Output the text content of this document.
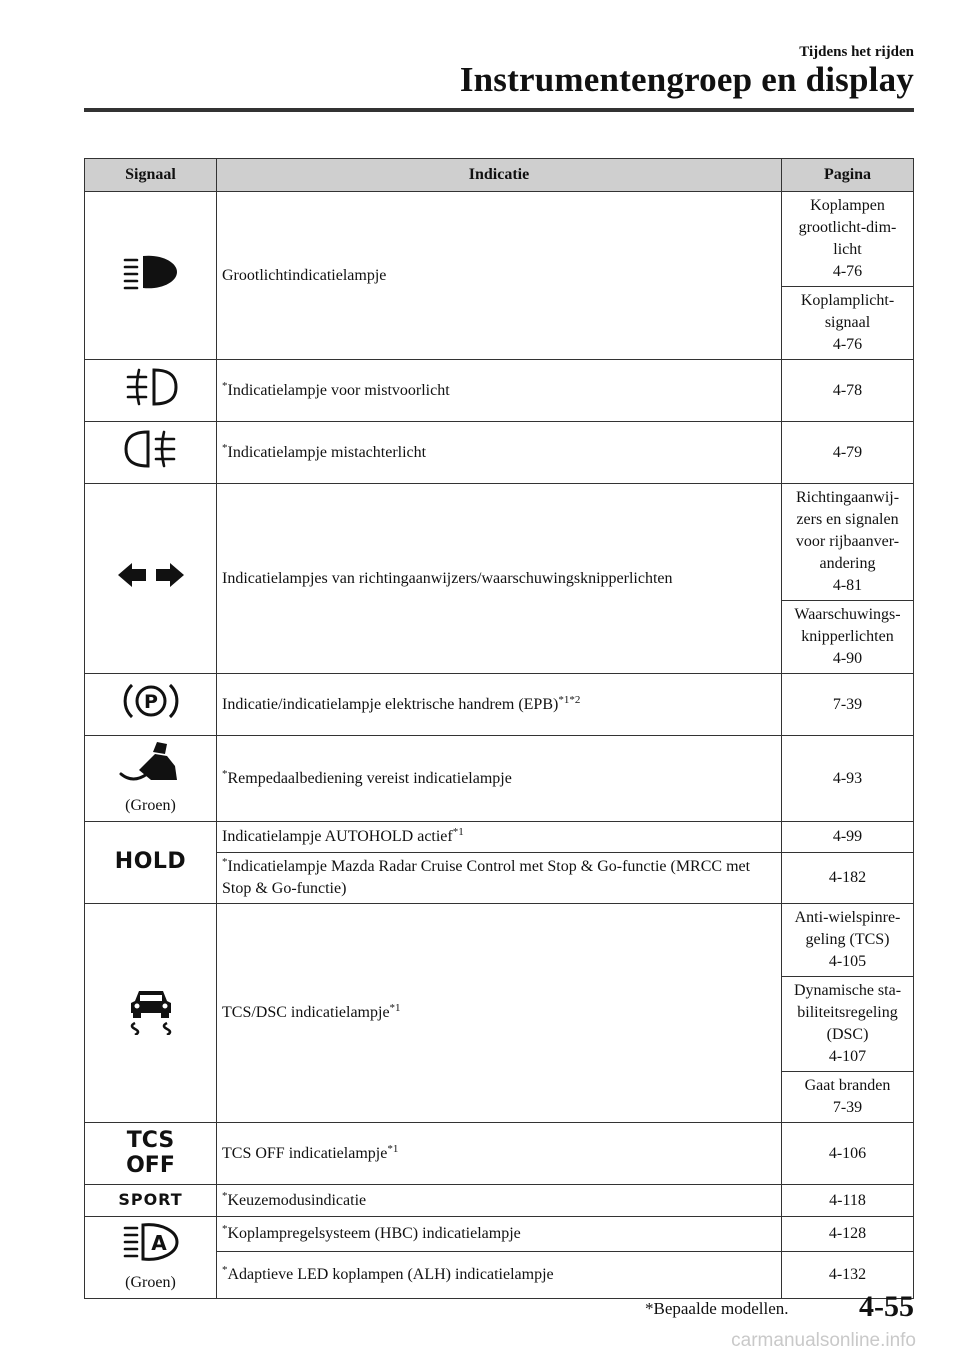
Tijdens het rijden
Instrumentengroep en display
Signaal	Indicatie	Pagina

	Grootlichtindicatielampje	Koplampen
grootlicht-dim-
licht
4-76
		Koplamplicht-
signaal
4-76

	*Indicatielampje voor mistvoorlicht	4-78

	*Indicatielampje mistachterlicht	4-79

	Indicatielampjes van richtingaanwijzers/waarschuwingsknipperlichten	Richtingaanwij-
zers en signalen
voor rijbaanver-
andering
4-81
		Waarschuwings-
knipperlichten
4-90

P	Indicatie/indicatielampje elektrische handrem (EPB)$^{*1*2}$	7-39

(Groen)	*Rempedaalbediening vereist indicatielampje	4-93
HOLD	Indicatielampje AUTOHOLD actief$^{*1}$	4-99
	*Indicatielampje Mazda Radar Cruise Control met Stop & Go-functie (MRCC met Stop & Go-functie)	4-182

	TCS/DSC indicatielampje$^{*1}$	Anti-wielspinre-
geling (TCS)
4-105
		Dynamische sta-
biliteitsregeling
(DSC)
4-107
		Gaat branden
7-39
TCS
OFF	TCS OFF indicatielampje$^{*1}$	4-106
SPORT	*Keuzemodusindicatie	4-118

A
(Groen)	*Koplampregelsysteem (HBC) indicatielampje	4-128
	*Adaptieve LED koplampen (ALH) indicatielampje	4-132
*Bepaalde modellen. 4-55
carmanualsonline.info
